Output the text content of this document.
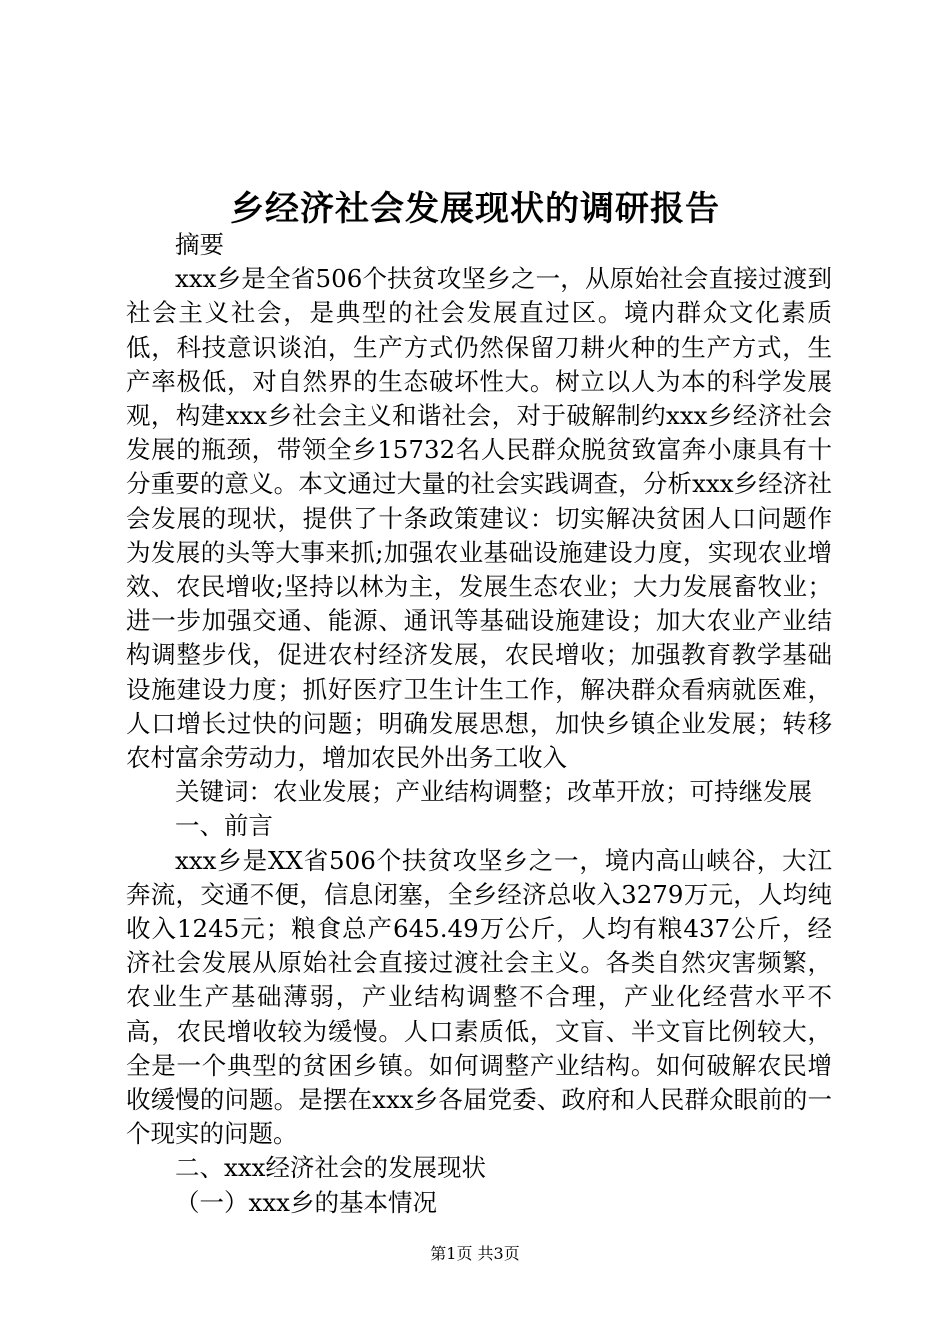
乡经济社会发展现状的调研报告

摘要

xxx乡是全省506个扶贫攻坚乡之一，从原始社会直接过渡到社会主义社会，是典型的社会发展直过区。境内群众文化素质低，科技意识谈泊，生产方式仍然保留刀耕火种的生产方式，生产率极低，对自然界的生态破坏性大。树立以人为本的科学发展观，构建xxx乡社会主义和谐社会，对于破解制约xxx乡经济社会发展的瓶颈，带领全乡15732名人民群众脱贫致富奔小康具有十分重要的意义。本文通过大量的社会实践调查，分析xxx乡经济社会发展的现状，提供了十条政策建议：切实解决贫困人口问题作为发展的头等大事来抓;加强农业基础设施建设力度，实现农业增效、农民增收;坚持以林为主，发展生态农业；大力发展畜牧业；进一步加强交通、能源、通讯等基础设施建设；加大农业产业结构调整步伐，促进农村经济发展，农民增收；加强教育教学基础设施建设力度；抓好医疗卫生计生工作，解决群众看病就医难，人口增长过快的问题；明确发展思想，加快乡镇企业发展；转移农村富余劳动力，增加农民外出务工收入

关键词：农业发展；产业结构调整；改革开放；可持继发展

一、前言

xxx乡是XX省506个扶贫攻坚乡之一，境内高山峡谷，大江奔流，交通不便，信息闭塞，全乡经济总收入3279万元，人均纯收入1245元；粮食总产645.49万公斤，人均有粮437公斤，经济社会发展从原始社会直接过渡社会主义。各类自然灾害频繁，农业生产基础薄弱，产业结构调整不合理，产业化经营水平不高，农民增收较为缓慢。人口素质低，文盲、半文盲比例较大，全是一个典型的贫困乡镇。如何调整产业结构。如何破解农民增收缓慢的问题。是摆在xxx乡各届党委、政府和人民群众眼前的一个现实的问题。

二、xxx经济社会的发展现状

（一）xxx乡的基本情况

第1页 共3页
